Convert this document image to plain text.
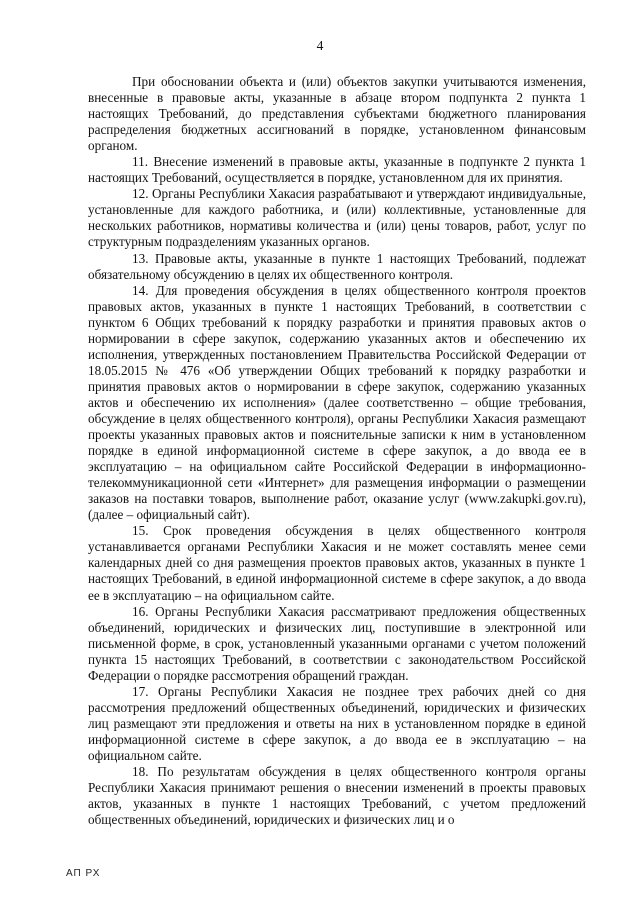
4

При обосновании объекта и (или) объектов закупки учитываются изменения, внесенные в правовые акты, указанные в абзаце втором подпункта 2 пункта 1 настоящих Требований, до представления субъектами бюджетного планирования распределения бюджетных ассигнований в порядке, установленном финансовым органом.

11. Внесение изменений в правовые акты, указанные в подпункте 2 пункта 1 настоящих Требований, осуществляется в порядке, установленном для их принятия.

12. Органы Республики Хакасия разрабатывают и утверждают индивидуальные, установленные для каждого работника, и (или) коллективные, установленные для нескольких работников, нормативы количества и (или) цены товаров, работ, услуг по структурным подразделениям указанных органов.

13. Правовые акты, указанные в пункте 1 настоящих Требований, подлежат обязательному обсуждению в целях их общественного контроля.

14. Для проведения обсуждения в целях общественного контроля проектов правовых актов, указанных в пункте 1 настоящих Требований, в соответствии с пунктом 6 Общих требований к порядку разработки и принятия правовых актов о нормировании в сфере закупок, содержанию указанных актов и обеспечению их исполнения, утвержденных постановлением Правительства Российской Федерации от 18.05.2015 № 476 «Об утверждении Общих требований к порядку разработки и принятия правовых актов о нормировании в сфере закупок, содержанию указанных актов и обеспечению их исполнения» (далее соответственно – общие требования, обсуждение в целях общественного контроля), органы Республики Хакасия размещают проекты указанных правовых актов и пояснительные записки к ним в установленном порядке в единой информационной системе в сфере закупок, а до ввода ее в эксплуатацию – на официальном сайте Российской Федерации в информационно-телекоммуникационной сети «Интернет» для размещения информации о размещении заказов на поставки товаров, выполнение работ, оказание услуг (www.zakupki.gov.ru), (далее – официальный сайт).

15. Срок проведения обсуждения в целях общественного контроля устанавливается органами Республики Хакасия и не может составлять менее семи календарных дней со дня размещения проектов правовых актов, указанных в пункте 1 настоящих Требований, в единой информационной системе в сфере закупок, а до ввода ее в эксплуатацию – на официальном сайте.

16. Органы Республики Хакасия рассматривают предложения общественных объединений, юридических и физических лиц, поступившие в электронной или письменной форме, в срок, установленный указанными органами с учетом положений пункта 15 настоящих Требований, в соответствии с законодательством Российской Федерации о порядке рассмотрения обращений граждан.

17. Органы Республики Хакасия не позднее трех рабочих дней со дня рассмотрения предложений общественных объединений, юридических и физических лиц размещают эти предложения и ответы на них в установленном порядке в единой информационной системе в сфере закупок, а до ввода ее в эксплуатацию – на официальном сайте.

18. По результатам обсуждения в целях общественного контроля органы Республики Хакасия принимают решения о внесении изменений в проекты правовых актов, указанных в пункте 1 настоящих Требований, с учетом предложений общественных объединений, юридических и физических лиц и о

АП РХ
